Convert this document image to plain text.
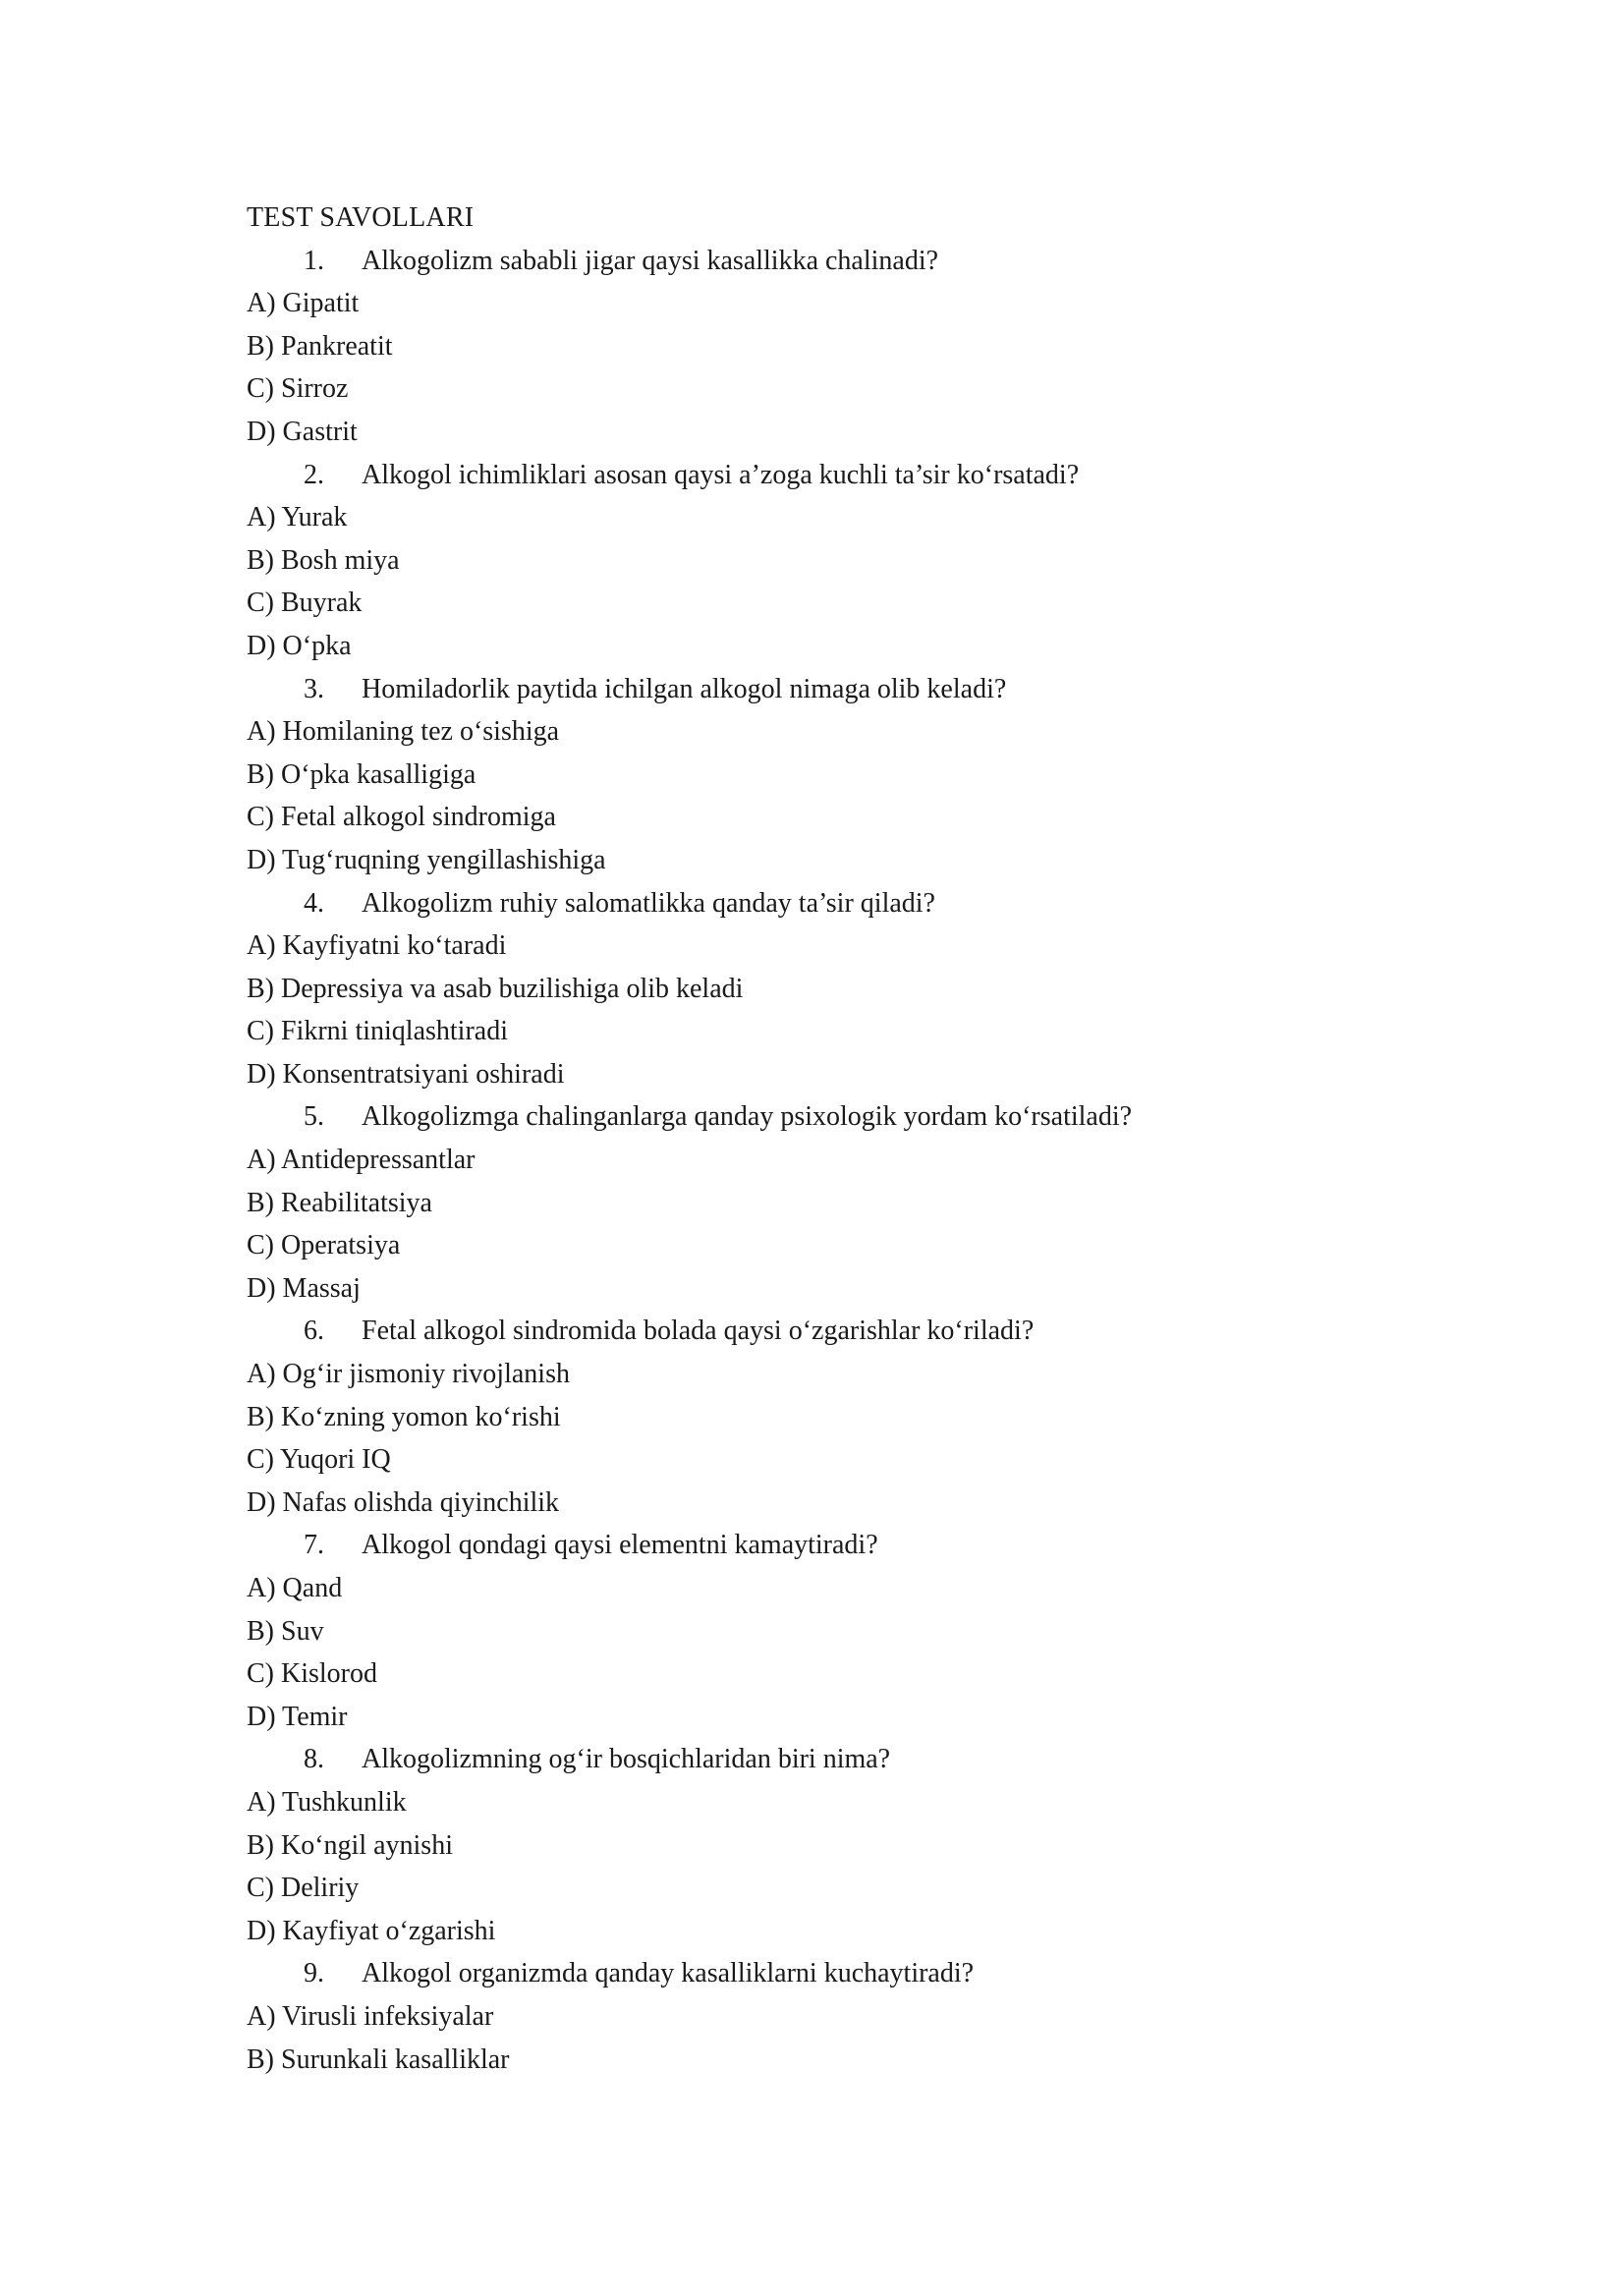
TEST SAVOLLARI
1. Alkogolizm sababli jigar qaysi kasallikka chalinadi?
A) Gipatit
B) Pankreatit
C) Sirroz
D) Gastrit
2. Alkogol ichimliklari asosan qaysi a’zoga kuchli ta’sir ko‘rsatadi?
A) Yurak
B) Bosh miya
C) Buyrak
D) O‘pka
3. Homiladorlik paytida ichilgan alkogol nimaga olib keladi?
A) Homilaning tez o‘sishiga
B) O‘pka kasalligiga
C) Fetal alkogol sindromiga
D) Tug‘ruqning yengillashishiga
4. Alkogolizm ruhiy salomatlikka qanday ta’sir qiladi?
A) Kayfiyatni ko‘taradi
B) Depressiya va asab buzilishiga olib keladi
C) Fikrni tiniqlashtiradi
D) Konsentratsiyani oshiradi
5. Alkogolizmga chalinganlarga qanday psixologik yordam ko‘rsatiladi?
A) Antidepressantlar
B) Reabilitatsiya
C) Operatsiya
D) Massaj
6. Fetal alkogol sindromida bolada qaysi o‘zgarishlar ko‘riladi?
A) Og‘ir jismoniy rivojlanish
B) Ko‘zning yomon ko‘rishi
C) Yuqori IQ
D) Nafas olishda qiyinchilik
7. Alkogol qondagi qaysi elementni kamaytiradi?
A) Qand
B) Suv
C) Kislorod
D) Temir
8. Alkogolizmning og‘ir bosqichlaridan biri nima?
A) Tushkunlik
B) Ko‘ngil aynishi
C) Deliriy
D) Kayfiyat o‘zgarishi
9. Alkogol organizmda qanday kasalliklarni kuchaytiradi?
A) Virusli infeksiyalar
B) Surunkali kasalliklar
